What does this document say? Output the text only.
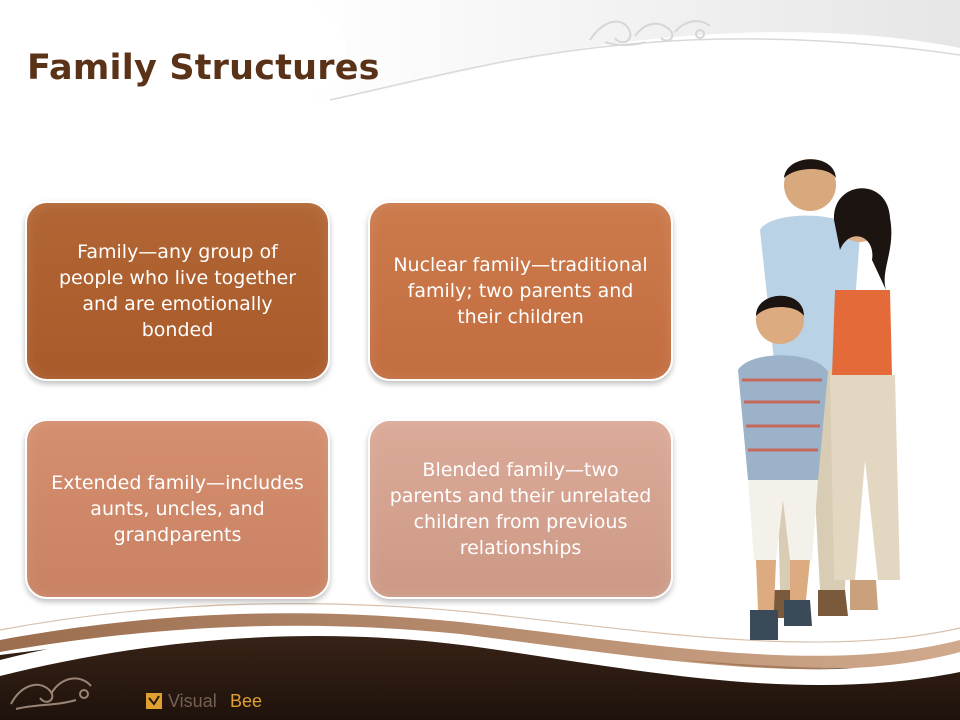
Family Structures
Family—any group of people who live together and are emotionally bonded
Nuclear family—traditional family; two parents and their children
Extended family—includes aunts, uncles, and grandparents
Blended family—two parents and their unrelated children from previous relationships
Visual Bee
